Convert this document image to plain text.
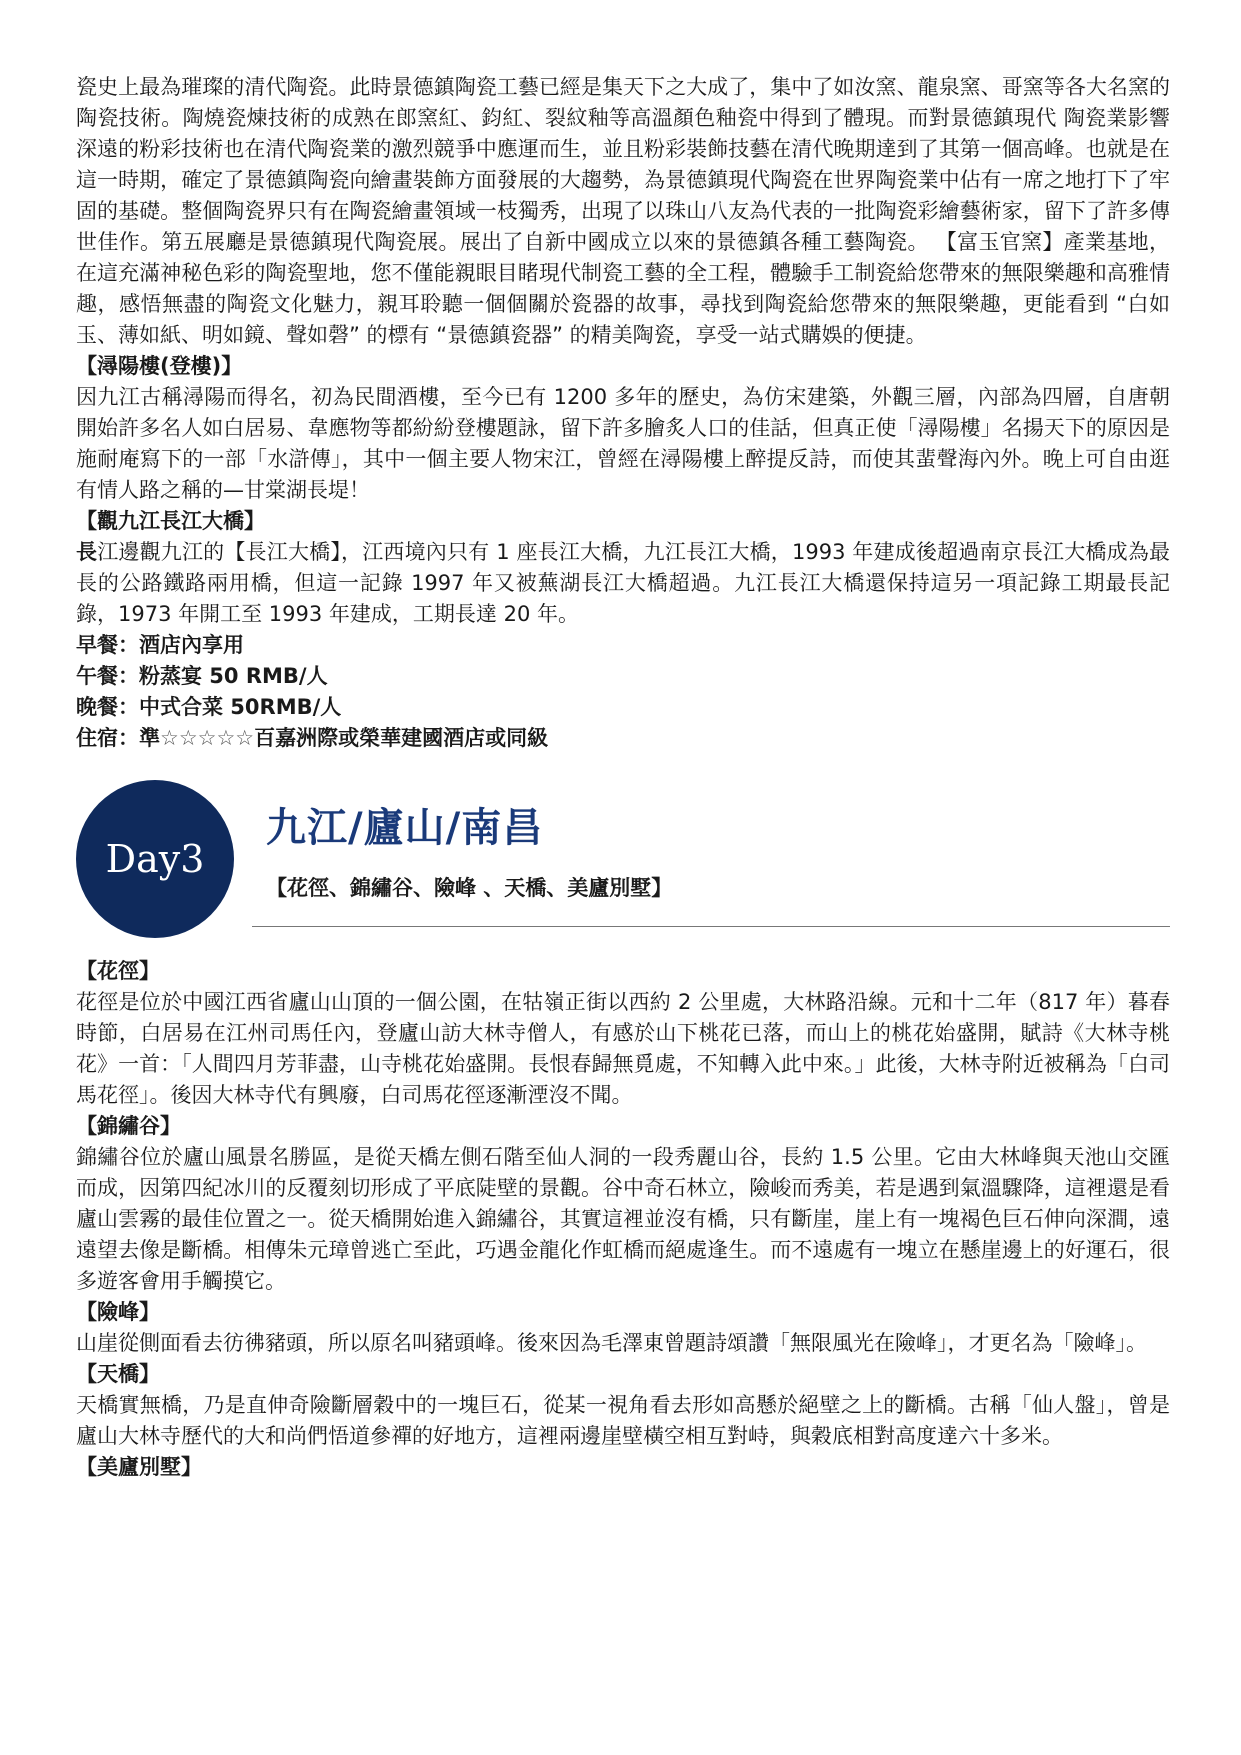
瓷史上最為璀璨的清代陶瓷。此時景德鎮陶瓷工藝已經是集天下之大成了，集中了如汝窯、龍泉窯、哥窯等各大名窯的陶瓷技術。陶燒瓷煉技術的成熟在郎窯紅、鈞紅、裂紋釉等高溫顏色釉瓷中得到了體現。而對景德鎮現代 陶瓷業影響深遠的粉彩技術也在清代陶瓷業的激烈競爭中應運而生，並且粉彩裝飾技藝在清代晚期達到了其第一個高峰。也就是在這一時期，確定了景德鎮陶瓷向繪畫裝飾方面發展的大趨勢，為景德鎮現代陶瓷在世界陶瓷業中佔有一席之地打下了牢固的基礎。整個陶瓷界只有在陶瓷繪畫領域一枝獨秀，出現了以珠山八友為代表的一批陶瓷彩繪藝術家，留下了許多傳世佳作。第五展廳是景德鎮現代陶瓷展。展出了自新中國成立以來的景德鎮各種工藝陶瓷。 【富玉官窯】產業基地，在這充滿神秘色彩的陶瓷聖地，您不僅能親眼目睹現代制瓷工藝的全工程，體驗手工制瓷給您帶來的無限樂趣和高雅情趣，感悟無盡的陶瓷文化魅力，親耳聆聽一個個關於瓷器的故事，尋找到陶瓷給您帶來的無限樂趣，更能看到 “白如玉、薄如紙、明如鏡、聲如磬” 的標有 “景德鎮瓷器” 的精美陶瓷，享受一站式購娛的便捷。

【潯陽樓(登樓)】

因九江古稱潯陽而得名，初為民間酒樓，至今已有 1200 多年的歷史，為仿宋建築，外觀三層，內部為四層，自唐朝開始許多名人如白居易、韋應物等都紛紛登樓題詠，留下許多膾炙人口的佳話，但真正使「潯陽樓」名揚天下的原因是施耐庵寫下的一部「水滸傳」，其中一個主要人物宋江，曾經在潯陽樓上醉提反詩，而使其蜚聲海內外。晚上可自由逛有情人路之稱的—甘棠湖長堤！

【觀九江長江大橋】

長江邊觀九江的【長江大橋】，江西境內只有 1 座長江大橋，九江長江大橋，1993 年建成後超過南京長江大橋成為最長的公路鐵路兩用橋，但這一記錄 1997 年又被蕪湖長江大橋超過。九江長江大橋還保持這另一項記錄工期最長記錄，1973 年開工至 1993 年建成，工期長達 20 年。

早餐：酒店內享用
午餐：粉蒸宴 50 RMB/人
晚餐：中式合菜 50RMB/人
住宿：準☆☆☆☆☆百嘉洲際或榮華建國酒店或同級
Day3
九江/廬山/南昌
【花徑、錦繡谷、險峰 、天橋、美廬別墅】
【花徑】

花徑是位於中國江西省廬山山頂的一個公園，在牯嶺正街以西約 2 公里處，大林路沿線。元和十二年（817 年）暮春時節，白居易在江州司馬任內，登廬山訪大林寺僧人，有感於山下桃花已落，而山上的桃花始盛開，賦詩《大林寺桃花》一首：「人間四月芳菲盡，山寺桃花始盛開。長恨春歸無覓處，不知轉入此中來。」此後，大林寺附近被稱為「白司馬花徑」。後因大林寺代有興廢，白司馬花徑逐漸湮沒不聞。

【錦繡谷】

錦繡谷位於廬山風景名勝區，是從天橋左側石階至仙人洞的一段秀麗山谷，長約 1.5 公里。它由大林峰與天池山交匯而成，因第四紀冰川的反覆刻切形成了平底陡壁的景觀。谷中奇石林立，險峻而秀美，若是遇到氣溫驟降，這裡還是看廬山雲霧的最佳位置之一。從天橋開始進入錦繡谷，其實這裡並沒有橋，只有斷崖，崖上有一塊褐色巨石伸向深澗，遠遠望去像是斷橋。相傳朱元璋曾逃亡至此，巧遇金龍化作虹橋而絕處逢生。而不遠處有一塊立在懸崖邊上的好運石，很多遊客會用手觸摸它。

【險峰】

山崖從側面看去彷彿豬頭，所以原名叫豬頭峰。後來因為毛澤東曾題詩頌讚「無限風光在險峰」，才更名為「險峰」。

【天橋】

天橋實無橋，乃是直伸奇險斷層穀中的一塊巨石，從某一視角看去形如高懸於絕壁之上的斷橋。古稱「仙人盤」，曾是廬山大林寺歷代的大和尚們悟道參禪的好地方，這裡兩邊崖壁橫空相互對峙，與穀底相對高度達六十多米。

【美廬別墅】
